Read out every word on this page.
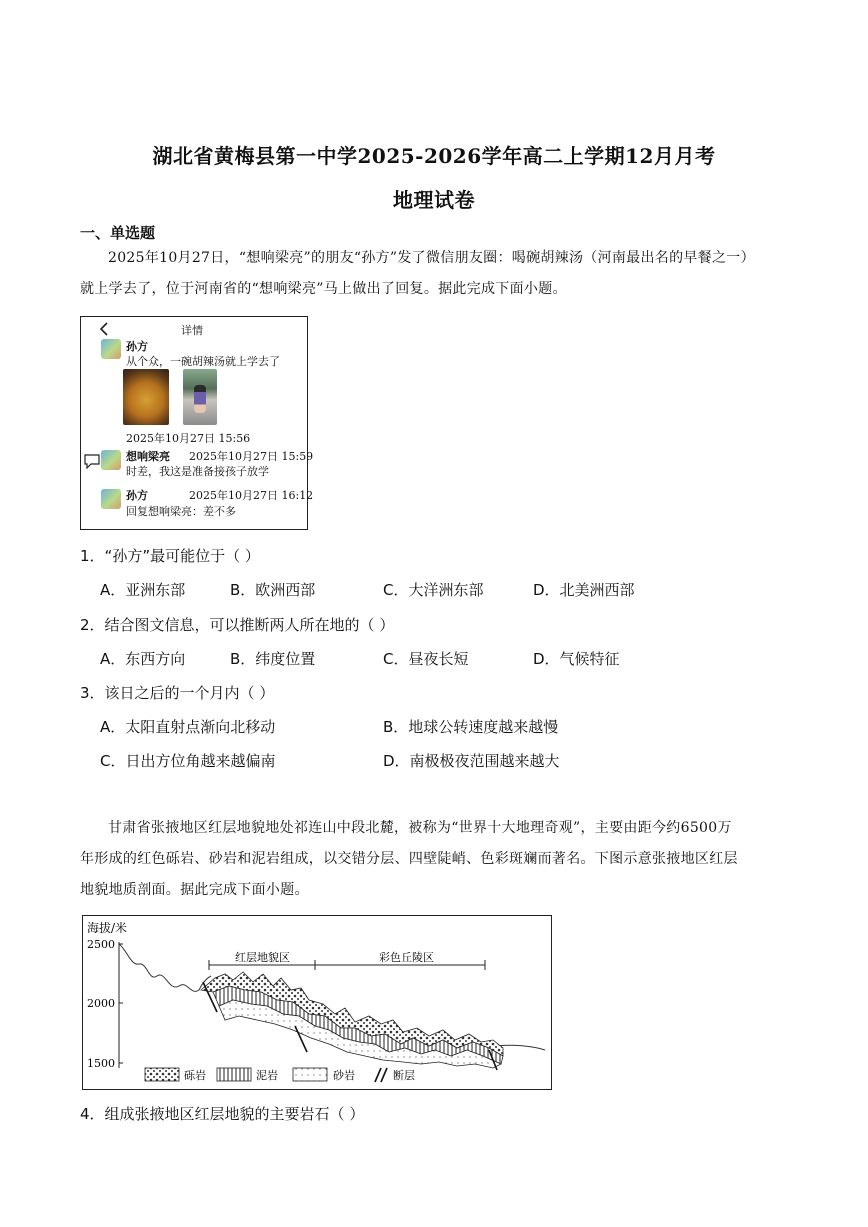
湖北省黄梅县第一中学2025-2026学年高二上学期12月月考
地理试卷
一、单选题
2025年10月27日，“想响梁亮”的朋友“孙方”发了微信朋友圈：喝碗胡辣汤（河南最出名的早餐之一）
就上学去了，位于河南省的“想响梁亮”马上做出了回复。据此完成下面小题。
详情
孙方
从个众，一碗胡辣汤就上学去了
2025年10月27日 15:56
想响梁亮 2025年10月27日 15:59
时差，我这是准备接孩子放学
孙方	2025年10月27日 16:12
回复想响梁亮：差不多
1．“孙方”最可能位于（ ）
A．亚洲东部	B．欧洲西部	C．大洋洲东部	D．北美洲西部
2．结合图文信息，可以推断两人所在地的（ ）
A．东西方向	B．纬度位置	C．昼夜长短	D．气候特征
3．该日之后的一个月内（ ）
A．太阳直射点渐向北移动	B．地球公转速度越来越慢
C．日出方位角越来越偏南	D．南极极夜范围越来越大
甘肃省张掖地区红层地貌地处祁连山中段北麓，被称为“世界十大地理奇观”，主要由距今约6500万
年形成的红色砾岩、砂岩和泥岩组成，以交错分层、四壁陡峭、色彩斑斓而著名。下图示意张掖地区红层
地貌地质剖面。据此完成下面小题。
海拔/米
2500
2000
1500
红层地貌区	彩色丘陵区
砾岩	泥岩	砂岩	断层
4．组成张掖地区红层地貌的主要岩石（ ）
